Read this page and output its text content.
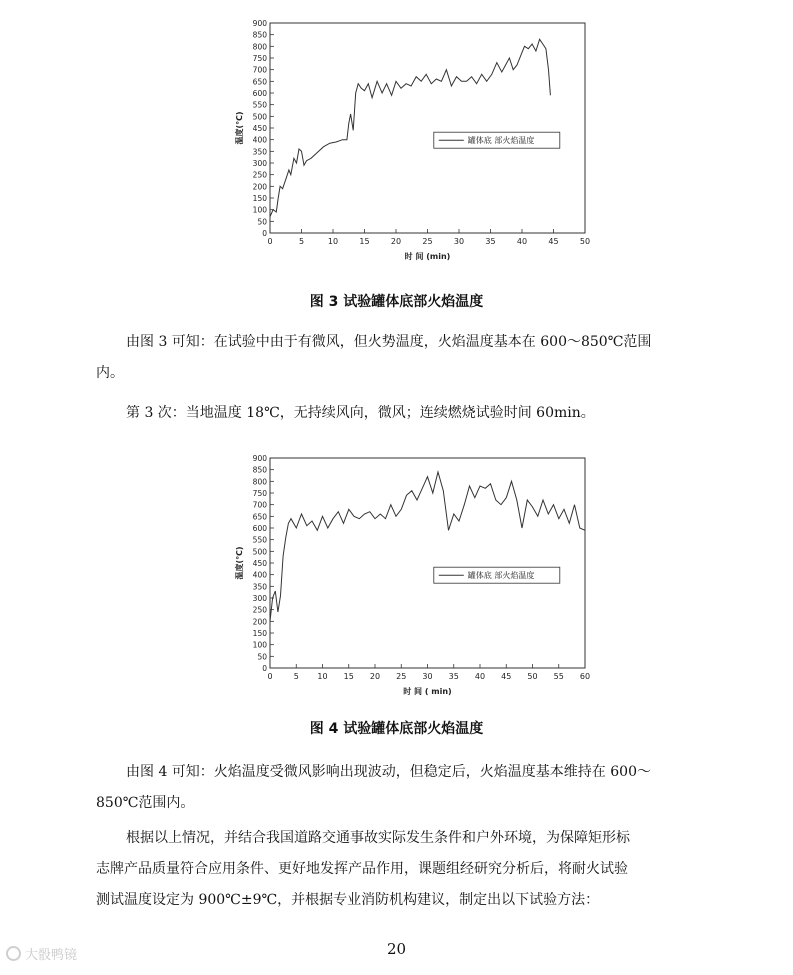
0
50
100
150
200
250
300
350
400
450
500
550
600
650
700
750
800
850
900
0	5	10	15	20	25	30	35	40	45	50
时 间 (min)
温度(℃)	罐体底 部火焰温度
图 3 试验罐体底部火焰温度
由图 3 可知：在试验中由于有微风，但火势温度，火焰温度基本在 600～850℃范围
内。
第 3 次：当地温度 18℃，无持续风向，微风；连续燃烧试验时间 60min。
0
50
100
150
200
250
300
350
400
450
500
550
600
650
700
750
800
850
900
0	5 10 15 20 25 30 35 40 45 50 55 60
时 间 ( min)
温度(℃)	罐体底 部火焰温度
图 4 试验罐体底部火焰温度
由图 4 可知：火焰温度受微风影响出现波动，但稳定后，火焰温度基本维持在 600～
850℃范围内。
根据以上情况，并结合我国道路交通事故实际发生条件和户外环境，为保障矩形标
志牌产品质量符合应用条件、更好地发挥产品作用，课题组经研究分析后，将耐火试验
测试温度设定为 900℃±9℃，并根据专业消防机构建议，制定出以下试验方法：
20
大骰鸭镜
